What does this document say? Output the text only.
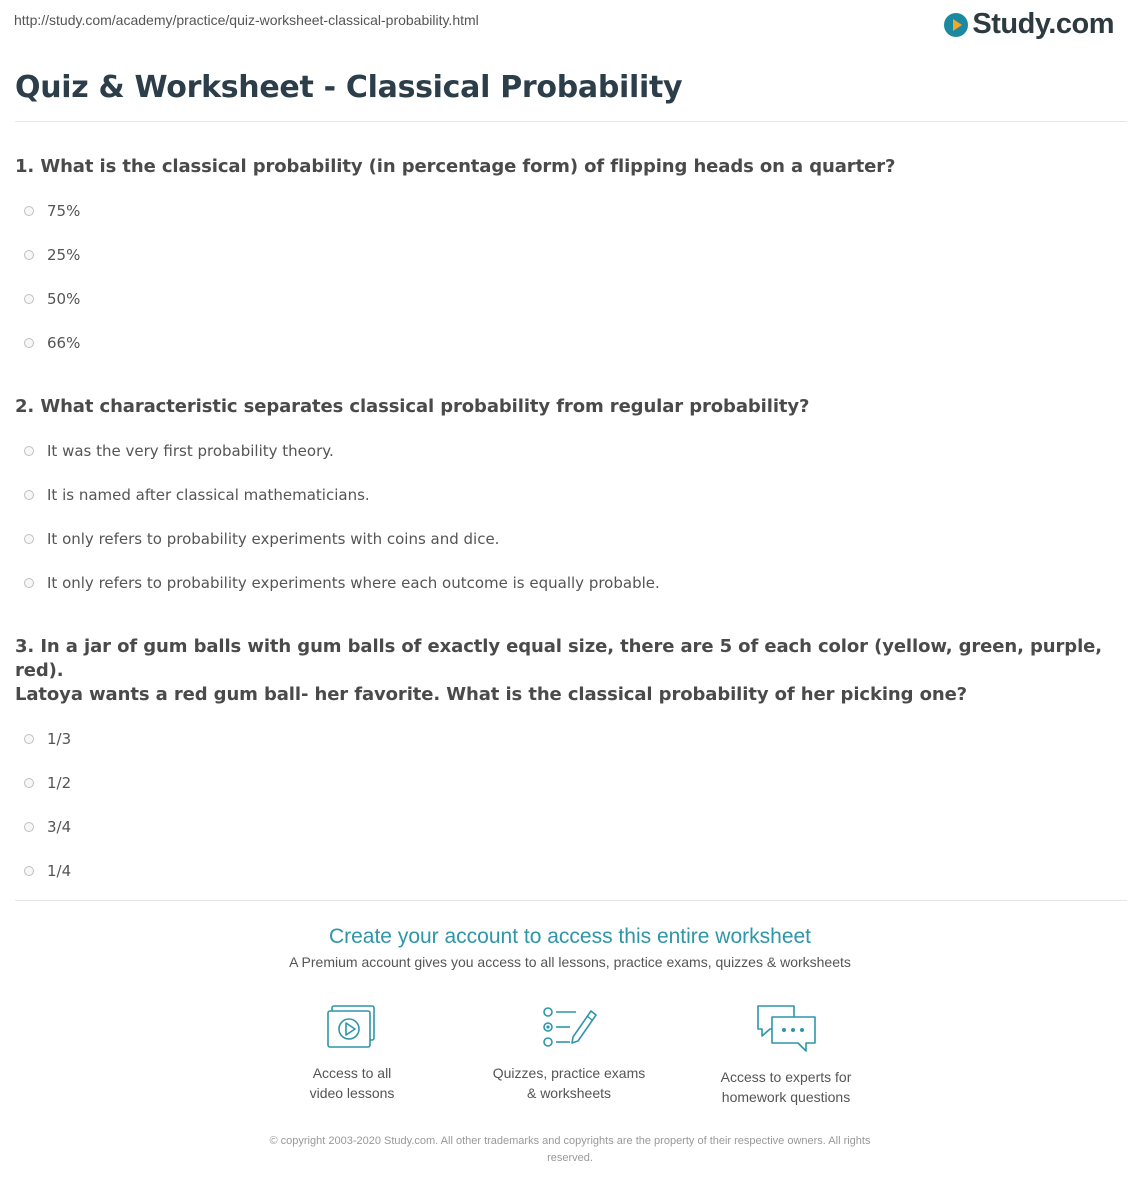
http://study.com/academy/practice/quiz-worksheet-classical-probability.html	Study.com
Quiz & Worksheet - Classical Probability
1. What is the classical probability (in percentage form) of flipping heads on a quarter?
75%
25%
50%
66%
2. What characteristic separates classical probability from regular probability?
It was the very first probability theory.
It is named after classical mathematicians.
It only refers to probability experiments with coins and dice.
It only refers to probability experiments where each outcome is equally probable.
3. In a jar of gum balls with gum balls of exactly equal size, there are 5 of each color (yellow, green, purple, red).
Latoya wants a red gum ball- her favorite. What is the classical probability of her picking one?
1/3
1/2
3/4
1/4
Create your account to access this entire worksheet
A Premium account gives you access to all lessons, practice exams, quizzes & worksheets
Access to all
video lessons
Quizzes, practice exams
& worksheets
Access to experts for
homework questions
© copyright 2003-2020 Study.com. All other trademarks and copyrights are the property of their respective owners. All rights
reserved.
